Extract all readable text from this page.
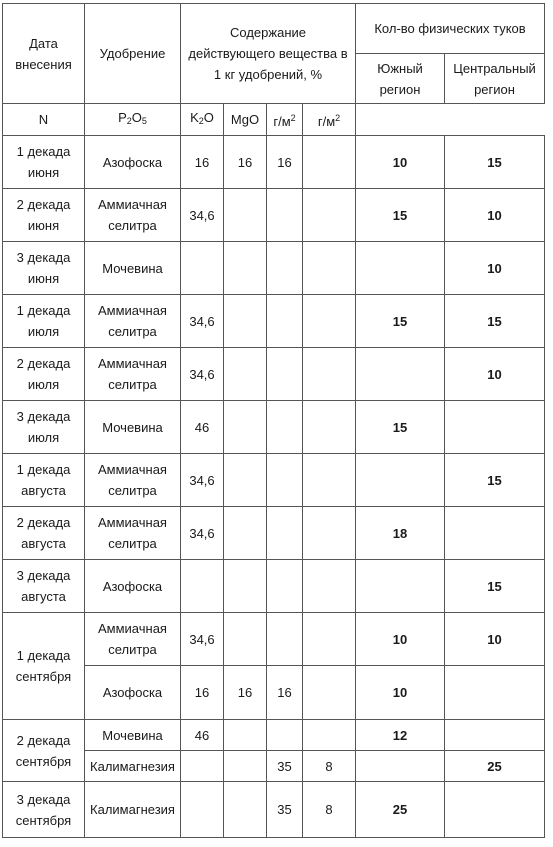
Дата внесения	Удобрение	Содержание действующего вещества в 1 кг удобрений, %				Кол-во физических туков	
						Южный регион	Центральный регион
N	$P_2O_5$	$K_2O$	MgO	$г/м^2$	$г/м^2$
1 декада июня	Азофоска	16	16	16		10	15
2 декада июня	Аммиачная селитра	34,6				15	10
3 декада июня	Мочевина						10
1 декада июля	Аммиачная селитра	34,6				15	15
2 декада июля	Аммиачная селитра	34,6					10
3 декада июля	Мочевина	46				15	
1 декада августа	Аммиачная селитра	34,6					15
2 декада августа	Аммиачная селитра	34,6				18	
3 декада августа	Азофоска						15
1 декада сентября	Аммиачная селитра	34,6				10	10
	Азофоска	16	16	16		10	
2 декада сентября	Мочевина	46				12	
	Калимагнезия			35	8		25
3 декада сентября	Калимагнезия			35	8	25	
